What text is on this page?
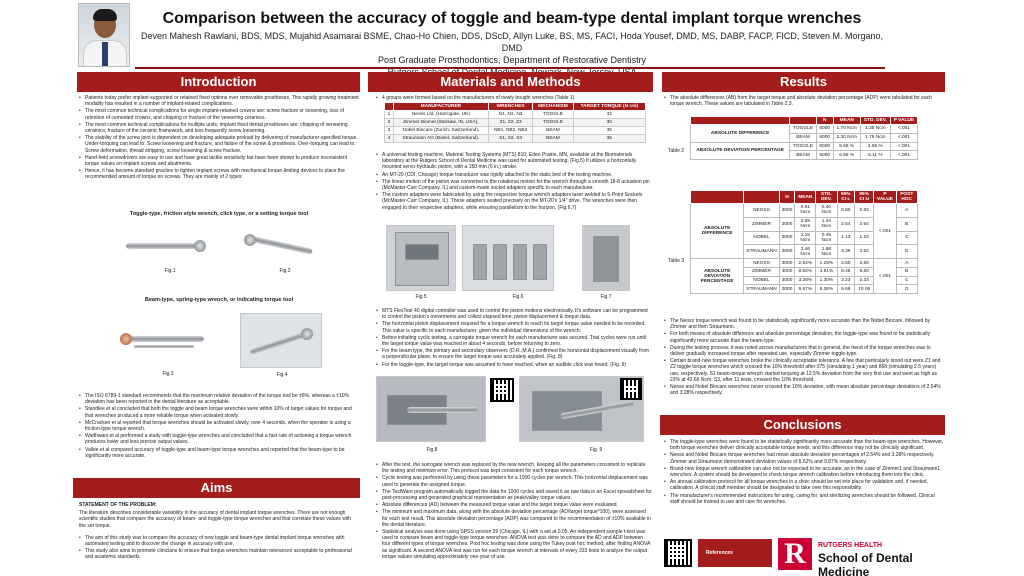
Comparison between the accuracy of toggle and beam-type dental implant torque wrenches
Deven Mahesh Rawlani, BDS, MDS, Mujahid Asamarai BSME, Chao-Ho Chien, DDS, DScD, Allyn Luke, BS, MS, FACI, Hoda Yousef, DMD, MS, DABP, FACP, FICD, Steven M. Morgano, DMD
Post Graduate Prosthodontics, Department of Restorative Dentistry
Introduction
• Patients today prefer implant-supported or retained fixed options over removable prostheses. This rapidly growing treatment modality has resulted in a number of implant-related complications.
• The most common technical complications for single implant-retained crowns are: screw fracture or loosening, loss of retention of cemented crowns, and chipping or fracture of the veneering ceramics.
• The most common technical complications for multiple units, implant fixed dental prostheses are: chipping of veneering ceramics, fracture of the ceramic framework, and less frequently screw loosening.
• The stability of the screw joint is dependent on developing adequate preload by delivering of manufacturer-specified torque. Under-torquing can lead to: Screw loosening and fracture, and failure of the screw & prosthesis. Over-torquing can lead to: Screw deformation, thread stripping, screw loosening & screw fracture.
• Hand-held screwdrivers are easy to use and have great tactile sensitivity but have been shown to produce inconsistent torque values on implant screws and abutments.
• Hence, it has become standard practice to tighten implant screws with mechanical torque-limiting devices to place the recommended amount of torque on screws. They are mainly of 2 types:
Toggle-type, friction style wrench, click type, or a setting torque tool
Fig.1	Fig.2
Beam-type, spring-type wrench, or indicating torque tool
Fig.3	Fig.4
• The ISO 6789-1 standard recommends that the maximum relative deviation of the torque tool be ±6%, whereas a ±10% deviation has been reported in the dental literature as acceptable.
• Standlee et al concluded that both the toggle and beam torque wrenches were within 10% of target values for torque and that wrenches produced a more reliable torque when activated slowly.
• McCracken et al reported that torque wrenches should be activated slowly, over 4 seconds, when the operator is using a friction-type torque wrench.
• Wadhwani et al performed a study with toggle-type wrenches and concluded that a fast rate of actioning a torque wrench produces lower and less precise output values.
• Vallee et al compared accuracy of toggle-type and beam-type torque wrenches and reported that the beam-type to be significantly more accurate.
Aims

STATEMENT OF THE PROBLEM:

The literature describes considerable variability in the accuracy of dental implant torque wrenches. There are not enough scientific studies that compare the accuracy of beam- and toggle-type torque wrenches and that correlate these values with the set torque.

• The aim of this study was to compare the accuracy of new toggle and beam-type dental implant torque wrenches with automated testing and to discover the change in accuracy with use.
• This study also aims to promote clinicians to ensure that torque wrenches maintain tolerances acceptable to professional and academic standards.
Materials and Methods
• 4 groups were formed based on the manufacturers of newly bought wrenches (Table 1)
	MANUFACTURER	WRENCHES	MECHANISM	TARGET TORQUE (N cm)
1	Neoss Ltd. (Harrogate, UK)	N1, N2, N3	TOGGLE	32
2	Zimmer Biomet (Warsaw, IN, USA),	Z1, Z2, Z3	TOGGLE	30
3	Nobel Biocare (Zurich, Switzerland),	NB1, NB2, NB3	BEAM	35
4	Straumann AG (Basel, Switzerland).	S1, S2, S3	BEAM	35
• A universal testing machine, Material Testing Systems (MTS) 810; Eden Prairie, MN, available at the Biomaterials laboratory at the Rutgers School of Dental Medicine was used for automated testing. (Fig.5) It utilizes a horizontally mounted servo-hydraulic piston, with a 150 mm (6 in.) stroke.
• An MT-20 (CDI, Chicago) torque transducer was rigidly attached to the static bed of the testing machine.
• The linear motion of the piston was converted to the rotational motion for the wrench through a smooth 18-8 actuation pin (McMaster-Carr Company, IL) and custom-made socket adapters specific to each manufacturer.
• The custom adapters were fabricated by using the respective torque wrench adapters laser welded to 6-Point Sockets (McMaster-Carr Company, IL). These adapters seated precisely on the MT-20's 1/4" drive. The wrenches were then engaged to their respective adapters, while ensuring parallelism to the horizon. (Fig.6,7)
Fig.5	Fig.6	Fig.7
• MTS FlexTest 40 digital controller was used to control the piston motions electronically. It's software can be programmed to control the piston's movements and collect elapsed time, piston displacement & torque data.
• The horizontal piston displacement required for a torque wrench to reach its target torque value needed to be recorded. This value is specific to each manufacturer, given the individual dimensions of the wrench.
• Before initiating cyclic testing, a surrogate torque wrench for each manufacturer was secured. Trial cycles were run until the target torque value was reached in about 4 seconds, before returning to zero.
• For the beam type, the primary and secondary observers (D.R.,M.A.) confirmed the horizontal displacement visually from a perpendicular plane, to ensure the target torque was accurately applied. (Fig. 8)
• For the toggle-type, the target torque was assumed to have reached, when an audible click was heard. (Fig. 9)
Fig.8	Fig. 9
• After the test, the surrogate wrench was replaced by the new wrench, keeping all the parameters consistent to replicate the testing and minimize error. This protocol was kept consistent for each torque wrench.
• Cyclic testing was performed by using these parameters for a 1000 cycles per wrench. This horizontal displacement was used to generate the assigned torque.
• The TestWare program automatically logged the data for 1000 cycles and saved it as raw data in an Excel spreadsheet for post-processing and generated graphical representation as peak/valley torque values.
• Absolute differences (AD) between the measured torque value and the target torque value were evaluated.
• The minimum and maximum data, along with the absolute deviation percentage (AD/target torque*100), were assessed for each test result. This absolute deviation percentage (ADP) was compared to the recommendation of ±10% available in the dental literature.
• Statistical analysis was done using SPSS version 29 (Chicago, IL) with α set at 0.05. An independent sample t-test was used to compare beam and toggle-type torque wrenches. ANOVA test was done to compare the AD and ADP between four different types of torque wrenches. Post hoc testing was done using the Tukey post hoc method, after finding ANOVA as significant. A second ANOVA test was run for each torque wrench at intervals of every 333 tests to analyze the output torque values simulating approximately one-year of use.
Results
• The absolute differences (AB) from the target torque and absolute deviation percentage (ADP) were tabulated for each torque wrench. These values are tabulated in Table 2,3.
Table 2
		N	MEAN	STD. DEV.	P VALUE
ABSOLUTE DIFFERENCE	TOGGLE	6000	1.70 Ncm	1.38 Ncm	<.001
	BEAM	6000	2.30 Ncm	1.79 Ncm	<.001
ABSOLUTE DEVIATION PERCENTAGE	TOGGLE	6000	5.58 %	4.65 %	<.001
	BEAM	6000	6.58 %	5.11 %	<.001
Table 3
		N	MEAN	STD. DEV.	95% CI L	95% CI U	P VALUE	POST HOC
ABSOLUTE DIFFERENCE	NEOSS	3000	0.81 Ncm	0.40 Ncm	0.80	0.83	<.001	A
	ZIMMER	3000	2.59 Ncm	1.44 Ncm	2.54	2.64		B
	NOBEL	3000	1.15 Ncm	0.45 Ncm	1.13	1.16		C
	STRAUMANN	3000	3.46 Ncm	1.88 Ncm	3.39	3.52		D
ABSOLUTE DEVIATION PERCENTAGE	NEOSS	3000	2.54%	1.25%	2.50	2.59	<.001	A
	ZIMMER	3000	8.62%	4.81%	8.45	8.80		B
	NOBEL	3000	3.28%	1.30%	3.23	3.33		C
	STRAUMANN	3000	9.87%	5.36%	9.68	10.06		D
• The Neoss torque wrench was found to be statistically significantly more accurate than the Nobel Biocare, followed by Zimmer and then Straumann.
• For both means of absolute difference and absolute percentage deviation, the toggle-type was found to be statistically significantly more accurate than the beam-type.
• During the testing process, it was noted across manufacturers that in general, the trend of the torque wrenches was to deliver gradually increased torque after repeated use, especially Zimmer toggle-type.
• Certain brand-new torque wrenches broke the clinically acceptable tolerance. A few that particularly stood out were Z1 and Z2 toggle torque wrenches which crossed the 10% threshold after 375 (simulating 1 year) and 868 (simulating 2.5 years) use, respectively. S1 beam-torque wrench started torquing at 12.5% deviation from the very first use and went as high as 22% at 42.66 Ncm. S3, after 11 tests, crossed the 10% threshold.
• Neoss and Nobel Biocare wrenches never crossed the 10% deviation, with mean absolute percentage deviations of 2.54% and 3.28% respectively.
Conclusions
• The toggle-type wrenches were found to be statistically significantly more accurate than the beam-type wrenches. However, both torque wrenches deliver clinically acceptable torque levels, and this difference may not be clinically significant.
• Neoss and Nobel Biocare torque wrenches had mean absolute deviation percentages of 2.54% and 3.28% respectively. Zimmer and Straumann demonstrated deviation values of 8.62% and 9.87% respectively.
• Brand-new torque wrench calibration can also not be expected to be accurate, as in the case of Zimmer1 and Straumann1 wrenches. A system should be developed to check torque wrench calibration before introducing them into the clinic.
• An annual calibration protocol for all torque wrenches in a clinic should be set into place for validation and, if needed, calibration. A clinical staff member should be designated to take over this responsibility.
• The manufacturer's recommended instructions for using, caring for, and sterilizing wrenches should be followed. Clinical staff should be trained to use and care for wrenches.
References	R	RUTGERS HEALTH
School of Dental Medicine
